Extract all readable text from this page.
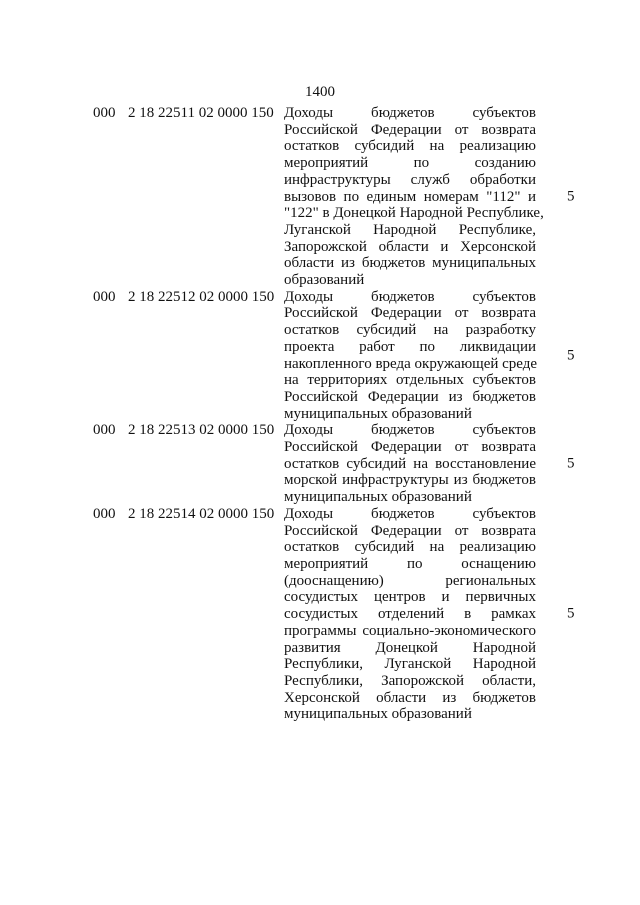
1400
000 2 18 22511 02 0000 150 Доходы бюджетов субъектов
Российской Федерации от возврата
остатков субсидий на реализацию
мероприятий по созданию
инфраструктуры служб обработки
вызовов по единым номерам "112" и
"122" в Донецкой Народной Республике,
Луганской Народной Республике,
Запорожской области и Херсонской
области из бюджетов муниципальных
образований
5
000 2 18 22512 02 0000 150 Доходы бюджетов субъектов
Российской Федерации от возврата
остатков субсидий на разработку
проекта работ по ликвидации
накопленного вреда окружающей среде
на территориях отдельных субъектов
Российской Федерации из бюджетов
муниципальных образований
5
000 2 18 22513 02 0000 150 Доходы бюджетов субъектов
Российской Федерации от возврата
остатков субсидий на восстановление
морской инфраструктуры из бюджетов
муниципальных образований
5
000 2 18 22514 02 0000 150 Доходы бюджетов субъектов
Российской Федерации от возврата
остатков субсидий на реализацию
мероприятий по оснащению
(дооснащению) региональных
сосудистых центров и первичных
сосудистых отделений в рамках
программы социально-экономического
развития Донецкой Народной
Республики, Луганской Народной
Республики, Запорожской области,
Херсонской области из бюджетов
муниципальных образований
5
